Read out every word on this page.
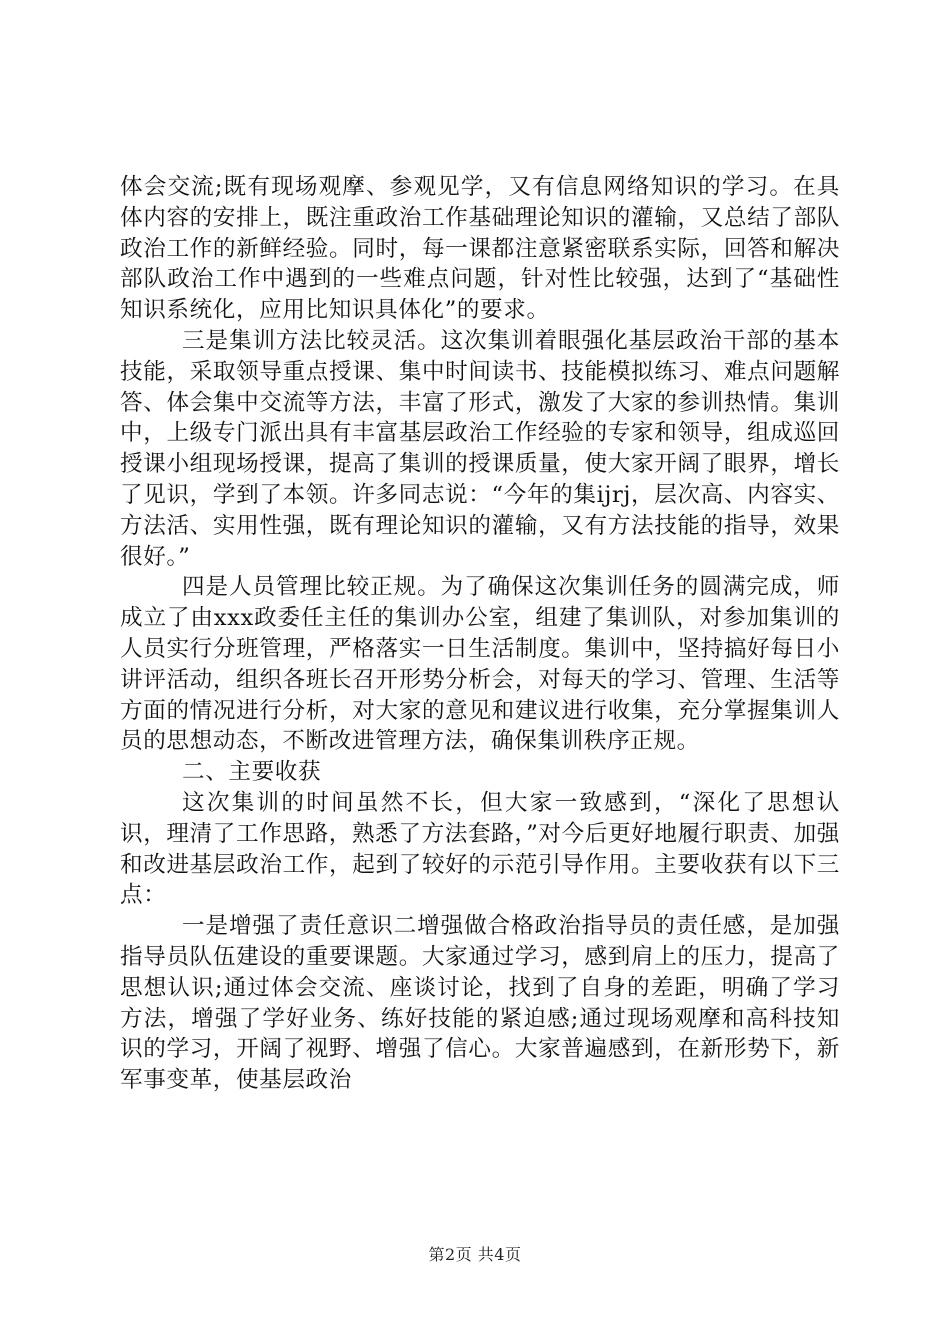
体会交流;既有现场观摩、参观见学，又有信息网络知识的学习。在具体内容的安排上，既注重政治工作基础理论知识的灌输，又总结了部队政治工作的新鲜经验。同时，每一课都注意紧密联系实际，回答和解决部队政治工作中遇到的一些难点问题，针对性比较强，达到了“基础性知识系统化，应用比知识具体化”的要求。

三是集训方法比较灵活。这次集训着眼强化基层政治干部的基本技能，采取领导重点授课、集中时间读书、技能模拟练习、难点问题解答、体会集中交流等方法，丰富了形式，激发了大家的参训热情。集训中，上级专门派出具有丰富基层政治工作经验的专家和领导，组成巡回授课小组现场授课，提高了集训的授课质量，使大家开阔了眼界，增长了见识，学到了本领。许多同志说：“今年的集ijrj，层次高、内容实、方法活、实用性强，既有理论知识的灌输，又有方法技能的指导，效果很好。”

四是人员管理比较正规。为了确保这次集训任务的圆满完成，师成立了由xxx政委任主任的集训办公室，组建了集训队，对参加集训的人员实行分班管理，严格落实一日生活制度。集训中，坚持搞好每日小讲评活动，组织各班长召开形势分析会，对每天的学习、管理、生活等方面的情况进行分析，对大家的意见和建议进行收集，充分掌握集训人员的思想动态，不断改进管理方法，确保集训秩序正规。

二、主要收获

这次集训的时间虽然不长，但大家一致感到，“深化了思想认识，理清了工作思路，熟悉了方法套路，”对今后更好地履行职责、加强和改进基层政治工作，起到了较好的示范引导作用。主要收获有以下三点：

一是增强了责任意识二增强做合格政治指导员的责任感，是加强指导员队伍建设的重要课题。大家通过学习，感到肩上的压力，提高了思想认识;通过体会交流、座谈讨论，找到了自身的差距，明确了学习方法，增强了学好业务、练好技能的紧迫感;通过现场观摩和高科技知识的学习，开阔了视野、增强了信心。大家普遍感到，在新形势下，新军事变革，使基层政治

第2页 共4页
